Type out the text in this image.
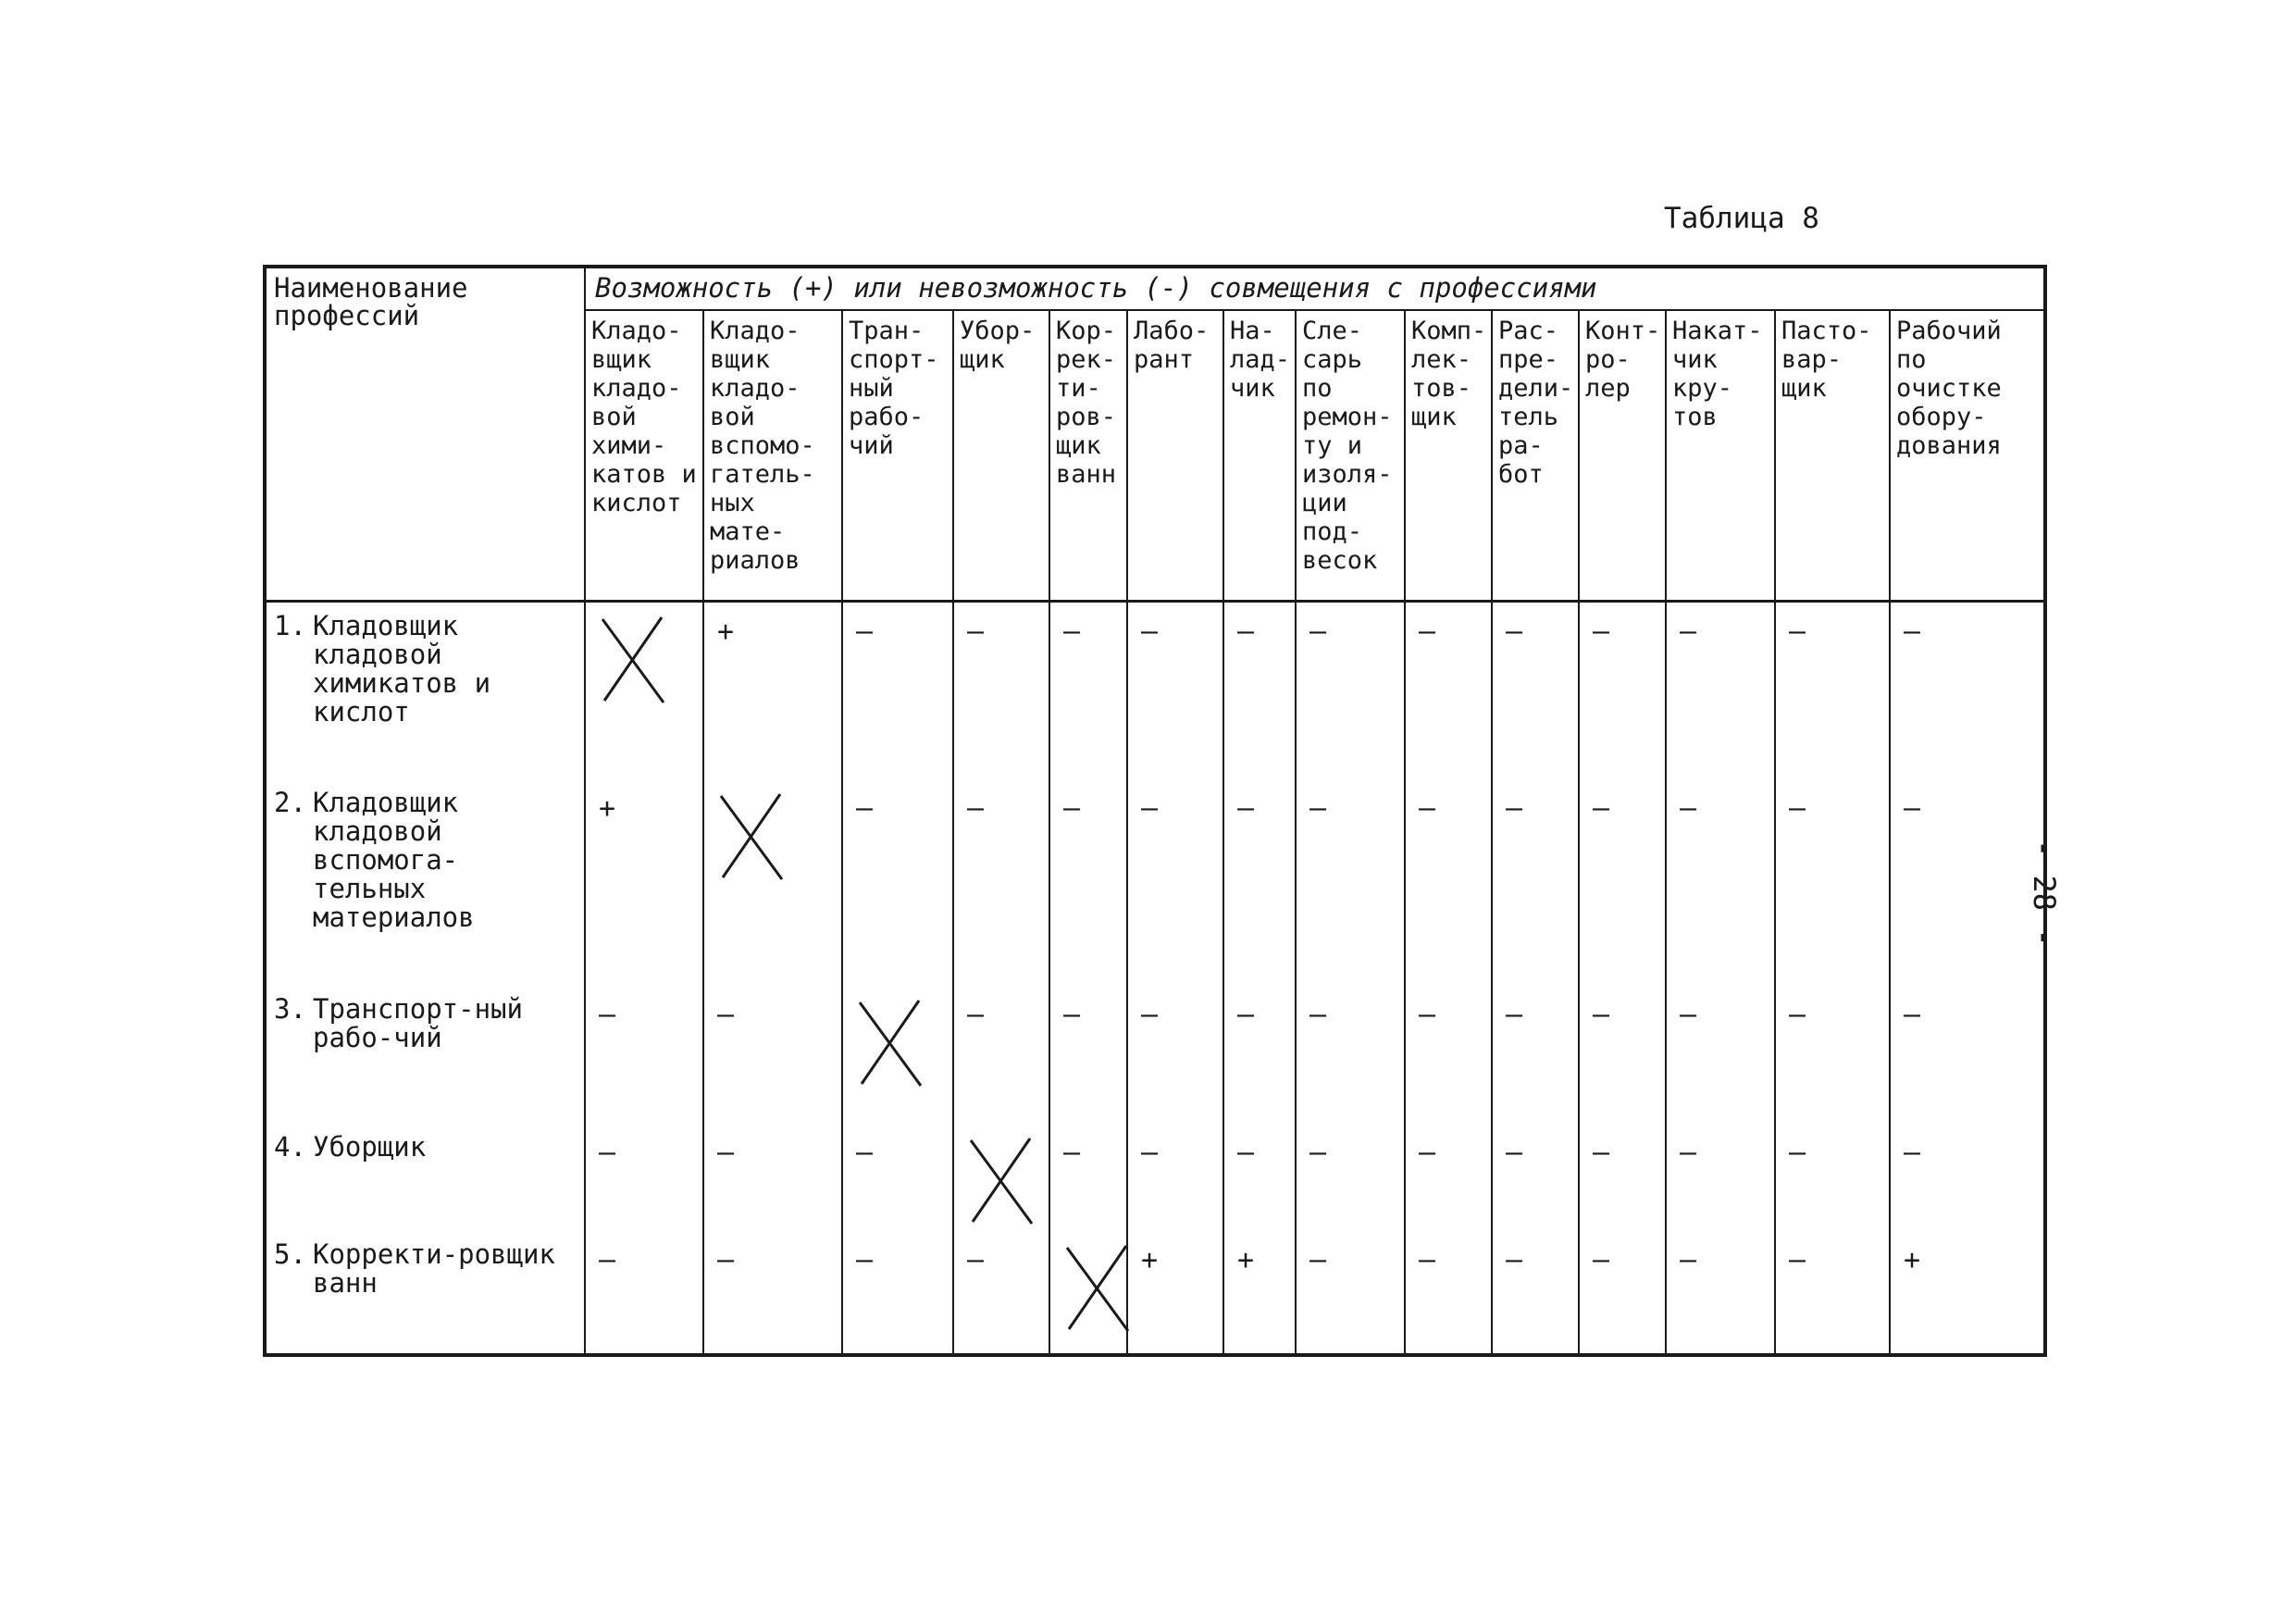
Таблица 8
- 28 -
Наименование профессий	Возможность (+) или невозможность (-) совмещения с профессиями													
	Кладо-вщик кладо-вой хими-катов и кислот	Кладо-вщик кладо-вой вспомо-гатель-ных мате-риалов	Тран-спорт-ный рабо-чий	Убор-щик	Кор-рек-ти-ров-щик ванн	Лабо-рант	На-лад-чик	Сле-сарь по ремон-ту и изоля-ции под-весок	Комп-лек-тов-щик	Рас-пре-дели-тель ра-бот	Конт-ро-лер	Накат-чик кру-тов	Пасто-вар-щик	Рабочий по очистке обору-дования
1. Кладовщик кладовой химикатов и кислот		+	–	–	–	–	–	–	–	–	–	–	–	–
2. Кладовщик кладовой вспомога-тельных материалов	+		–	–	–	–	–	–	–	–	–	–	–	–
3. Транспорт-ный рабо-чий	–	–		–	–	–	–	–	–	–	–	–	–	–
4. Уборщик	–	–	–		–	–	–	–	–	–	–	–	–	–
5. Корректи-ровщик ванн	–	–	–	–		+	+	–	–	–	–	–	–	+
